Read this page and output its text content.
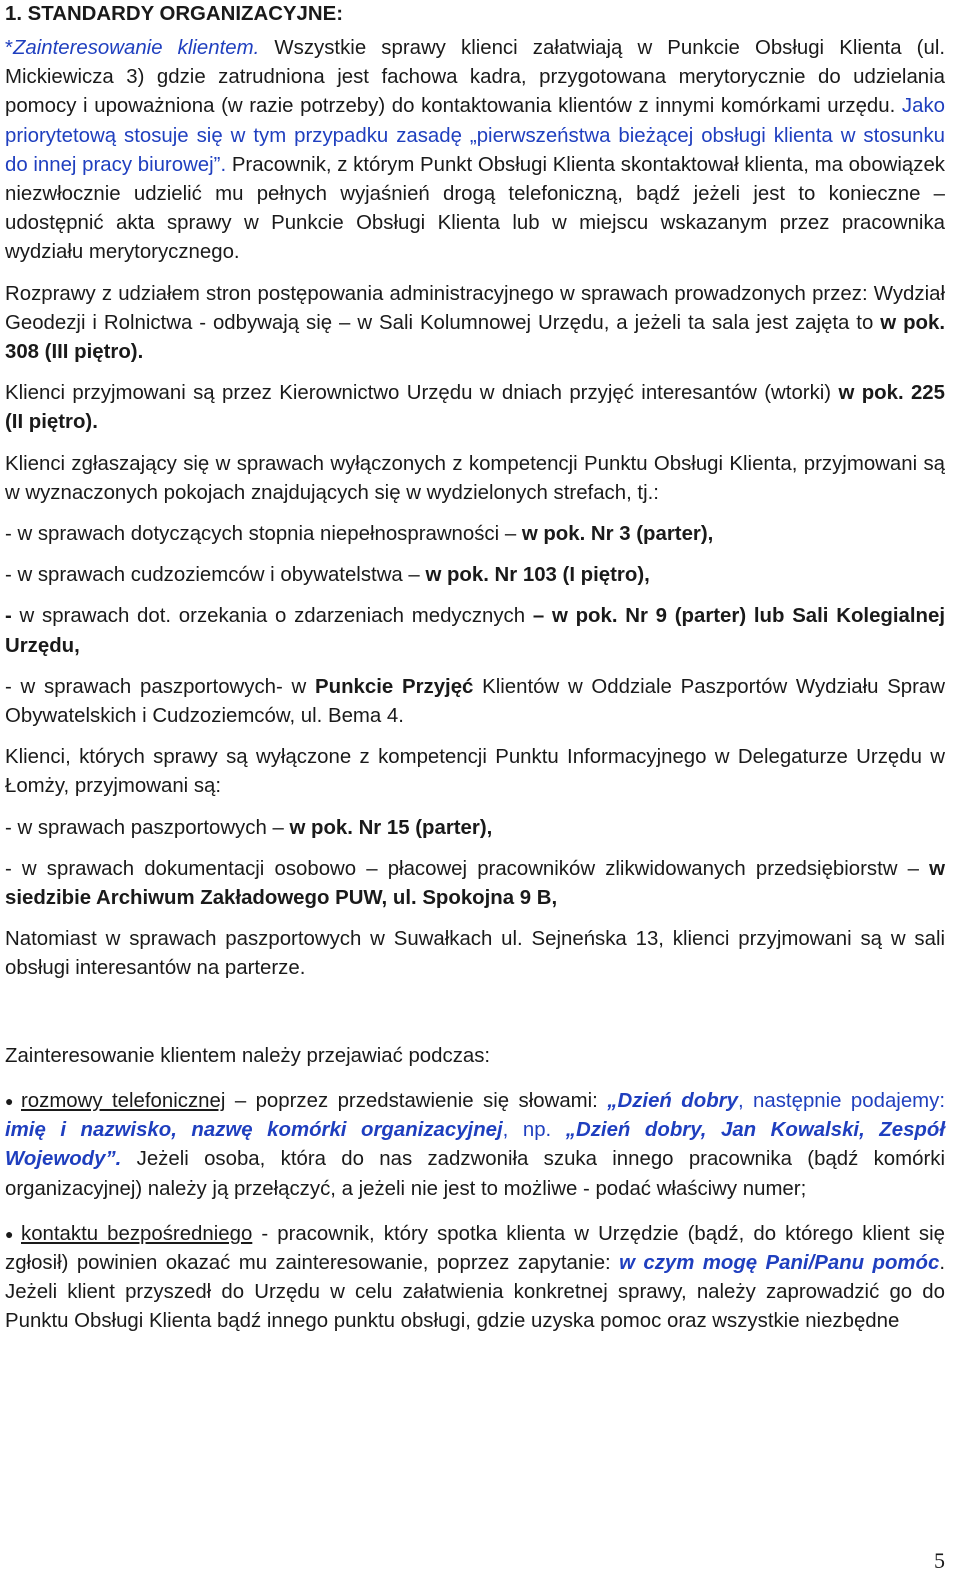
1. STANDARDY ORGANIZACYJNE:

*Zainteresowanie klientem. Wszystkie sprawy klienci załatwiają w Punkcie Obsługi Klienta (ul. Mickiewicza 3) gdzie zatrudniona jest fachowa kadra, przygotowana merytorycznie do udzielania pomocy i upoważniona (w razie potrzeby) do kontaktowania klientów z innymi komórkami urzędu. Jako priorytetową stosuje się w tym przypadku zasadę „pierwszeństwa bieżącej obsługi klienta w stosunku do innej pracy biurowej”. Pracownik, z którym Punkt Obsługi Klienta skontaktował klienta, ma obowiązek niezwłocznie udzielić mu pełnych wyjaśnień drogą telefoniczną, bądź jeżeli jest to konieczne – udostępnić akta sprawy w Punkcie Obsługi Klienta lub w miejscu wskazanym przez pracownika wydziału merytorycznego.

Rozprawy z udziałem stron postępowania administracyjnego w sprawach prowadzonych przez: Wydział Geodezji i Rolnictwa - odbywają się – w Sali Kolumnowej Urzędu, a jeżeli ta sala jest zajęta to w pok. 308 (III piętro).

Klienci przyjmowani są przez Kierownictwo Urzędu w dniach przyjęć interesantów (wtorki) w pok. 225 (II piętro).

Klienci zgłaszający się w sprawach wyłączonych z kompetencji Punktu Obsługi Klienta, przyjmowani są w wyznaczonych pokojach znajdujących się w wydzielonych strefach, tj.:

- w sprawach dotyczących stopnia niepełnosprawności – w pok. Nr 3 (parter),

- w sprawach cudzoziemców i obywatelstwa – w pok. Nr 103 (I piętro),

- w sprawach dot. orzekania o zdarzeniach medycznych – w pok. Nr 9 (parter) lub Sali Kolegialnej Urzędu,

- w sprawach paszportowych- w Punkcie Przyjęć Klientów w Oddziale Paszportów Wydziału Spraw Obywatelskich i Cudzoziemców, ul. Bema 4.

Klienci, których sprawy są wyłączone z kompetencji Punktu Informacyjnego w Delegaturze Urzędu w Łomży, przyjmowani są:

- w sprawach paszportowych – w pok. Nr 15 (parter),

- w sprawach dokumentacji osobowo – płacowej pracowników zlikwidowanych przedsiębiorstw – w siedzibie Archiwum Zakładowego PUW, ul. Spokojna 9 B,

Natomiast w sprawach paszportowych w Suwałkach ul. Sejneńska 13, klienci przyjmowani są w sali obsługi interesantów na parterze.

Zainteresowanie klientem należy przejawiać podczas:

● rozmowy telefonicznej – poprzez przedstawienie się słowami: „Dzień dobry, następnie podajemy: imię i nazwisko, nazwę komórki organizacyjnej, np. „Dzień dobry, Jan Kowalski, Zespół Wojewody”. Jeżeli osoba, która do nas zadzwoniła szuka innego pracownika (bądź komórki organizacyjnej) należy ją przełączyć, a jeżeli nie jest to możliwe - podać właściwy numer;

● kontaktu bezpośredniego - pracownik, który spotka klienta w Urzędzie (bądź, do którego klient się zgłosił) powinien okazać mu zainteresowanie, poprzez zapytanie: w czym mogę Pani/Panu pomóc. Jeżeli klient przyszedł do Urzędu w celu załatwienia konkretnej sprawy, należy zaprowadzić go do Punktu Obsługi Klienta bądź innego punktu obsługi, gdzie uzyska pomoc oraz wszystkie niezbędne

5
